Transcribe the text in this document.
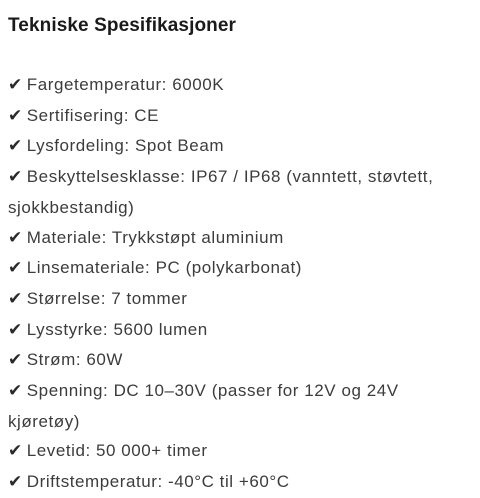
Tekniske Spesifikasjoner
✔ Fargetemperatur: 6000K
✔ Sertifisering: CE
✔ Lysfordeling: Spot Beam
✔ Beskyttelsesklasse: IP67 / IP68 (vanntett, støvtett, sjokkbestandig)
✔ Materiale: Trykkstøpt aluminium
✔ Linsemateriale: PC (polykarbonat)
✔ Størrelse: 7 tommer
✔ Lysstyrke: 5600 lumen
✔ Strøm: 60W
✔ Spenning: DC 10–30V (passer for 12V og 24V kjøretøy)
✔ Levetid: 50 000+ timer
✔ Driftstemperatur: -40°C til +60°C
